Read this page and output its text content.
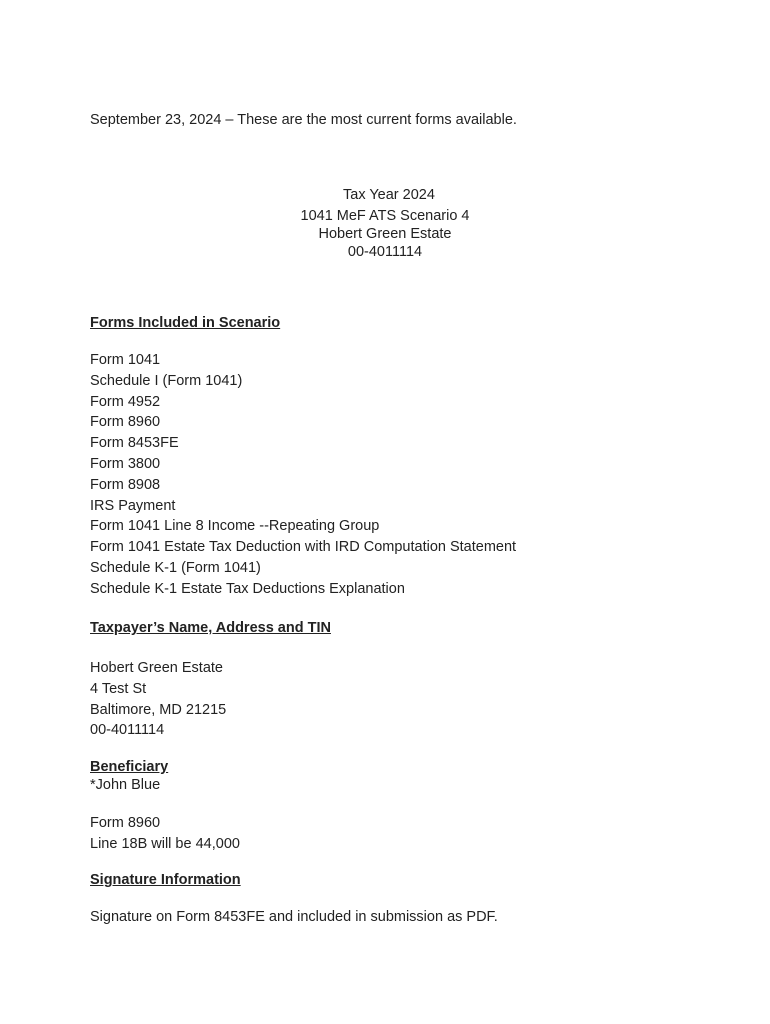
September 23, 2024 – These are the most current forms available.

Tax Year 2024

1041 MeF ATS Scenario 4

Hobert Green Estate

00-4011114

Forms Included in Scenario

Form 1041
Schedule I (Form 1041)
Form 4952
Form 8960
Form 8453FE
Form 3800
Form 8908
IRS Payment
Form 1041 Line 8 Income --Repeating Group
Form 1041 Estate Tax Deduction with IRD Computation Statement
Schedule K-1 (Form 1041)
Schedule K-1 Estate Tax Deductions Explanation

Taxpayer’s Name, Address and TIN

Hobert Green Estate
4 Test St
Baltimore, MD 21215
00-4011114

Beneficiary

*John Blue

Form 8960

Line 18B will be 44,000

Signature Information

Signature on Form 8453FE and included in submission as PDF.
